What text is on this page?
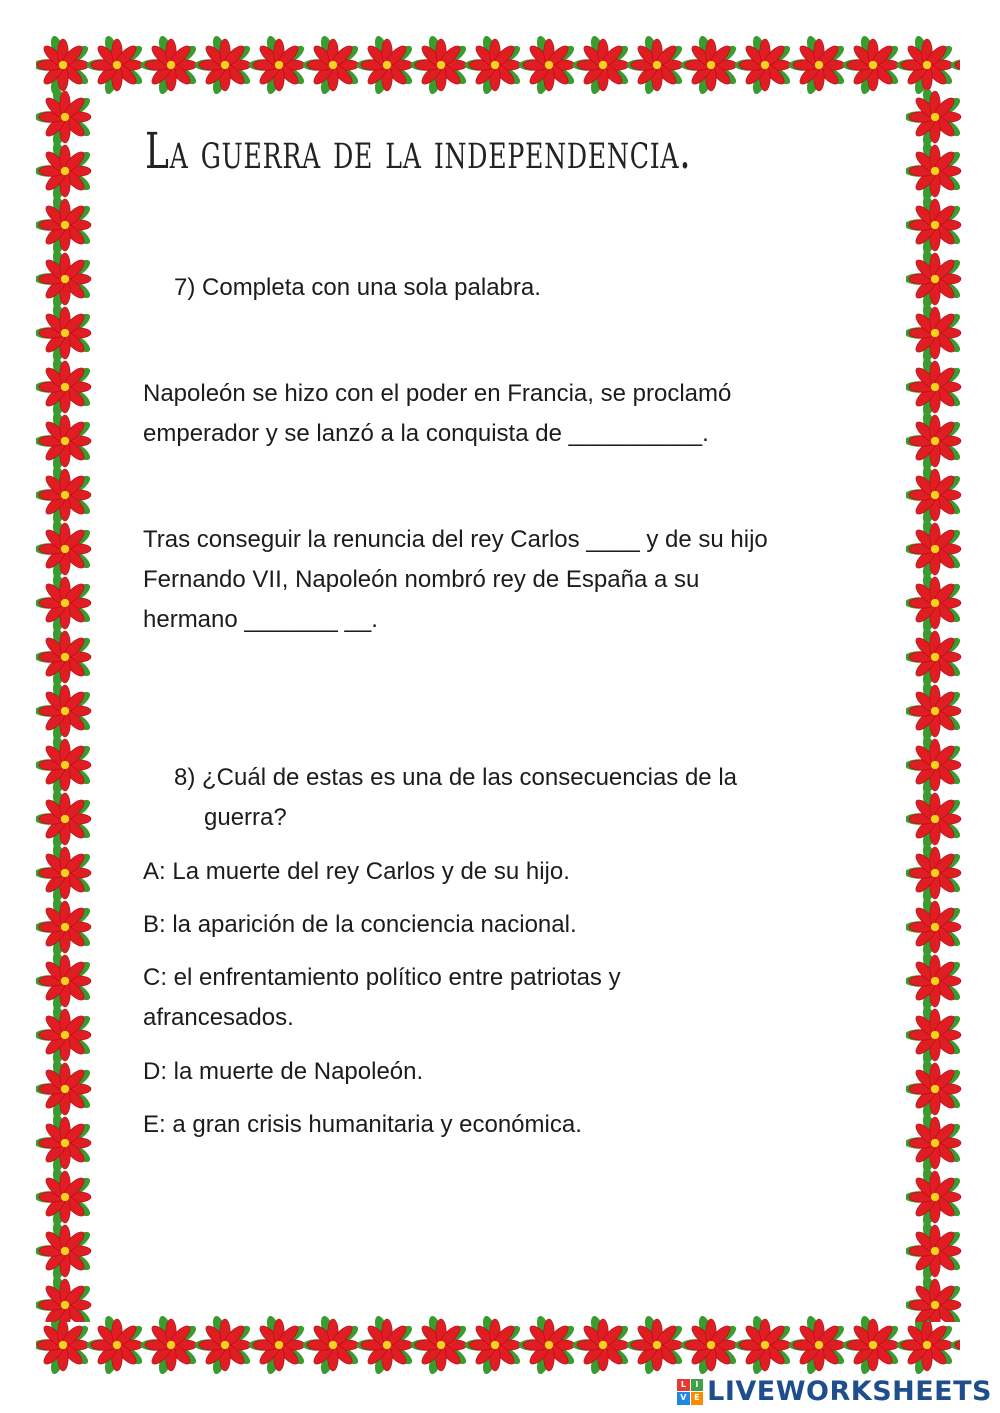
La guerra de la independencia.
7) Completa con una sola palabra.
Napoleón se hizo con el poder en Francia, se proclamó
emperador y se lanzó a la conquista de __________.
Tras conseguir la renuncia del rey Carlos ____ y de su hijo
Fernando VII, Napoleón nombró rey de España a su
hermano _______ __.
8) ¿Cuál de estas es una de las consecuencias de la
guerra?
A: La muerte del rey Carlos y de su hijo.
B: la aparición de la conciencia nacional.
C: el enfrentamiento político entre patriotas y
afrancesados.
D: la muerte de Napoleón.
E: a gran crisis humanitaria y económica.
L	I
V E LIVEWORKSHEETS
